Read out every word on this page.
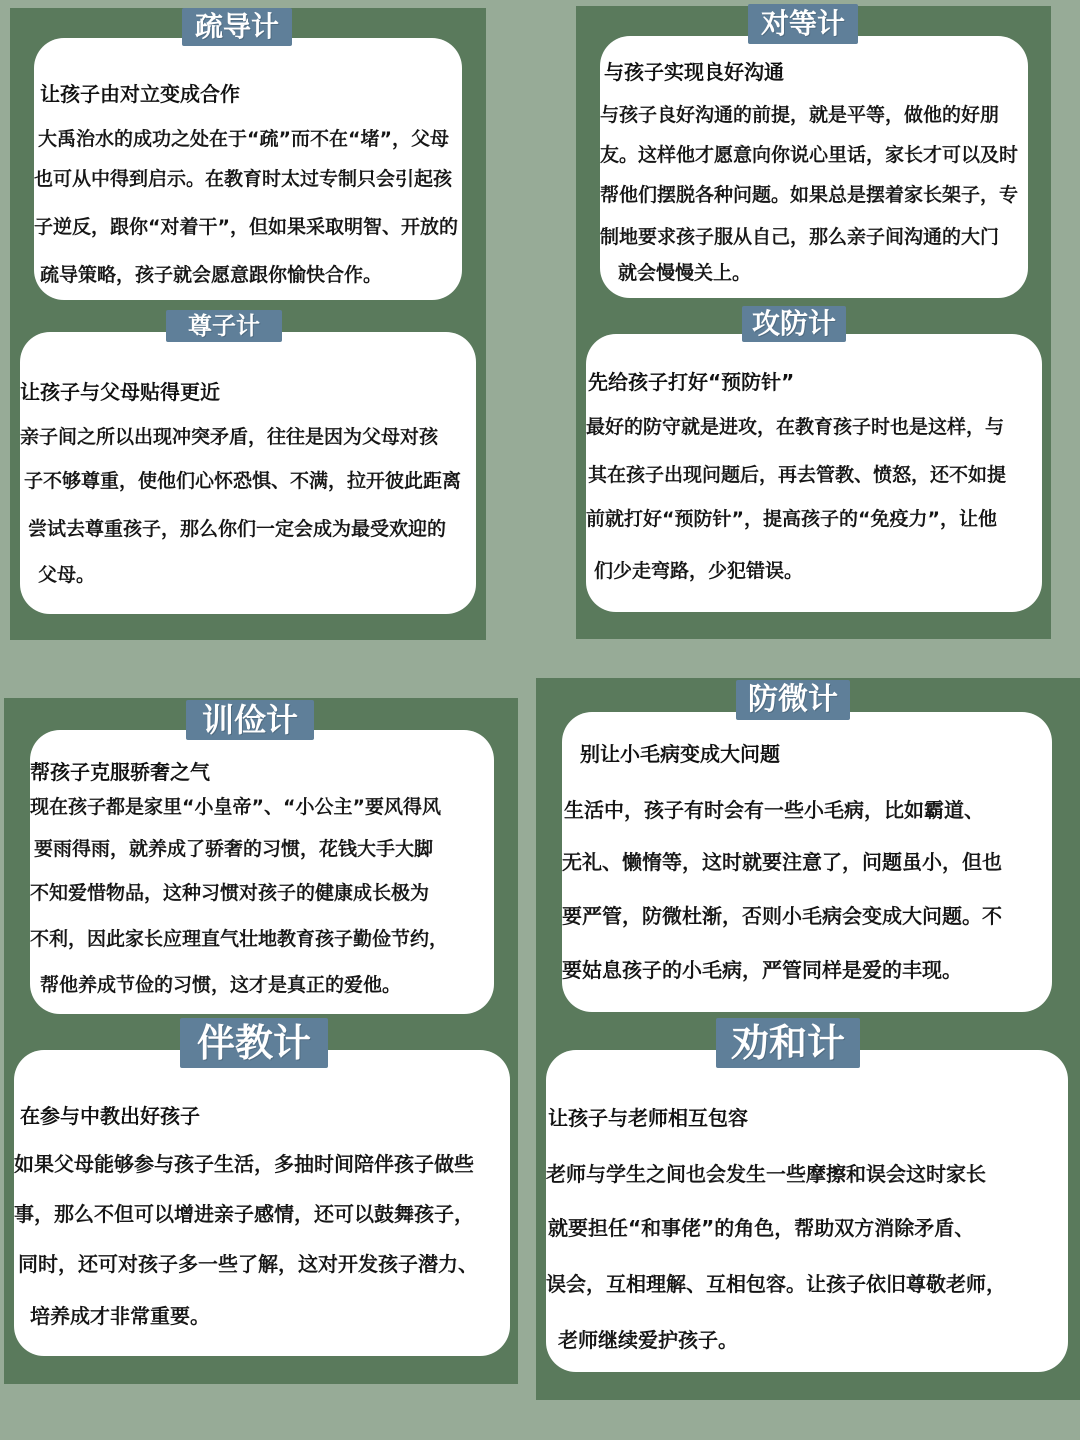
让孩子由对立变成合作
大禹治水的成功之处在于“疏”而不在“堵”，父母
也可从中得到启示。在教育时太过专制只会引起孩
子逆反，跟你“对着干”，但如果采取明智、开放的
疏导策略，孩子就会愿意跟你愉快合作。
疏导计
与孩子实现良好沟通
与孩子良好沟通的前提，就是平等，做他的好朋
友。这样他才愿意向你说心里话，家长才可以及时
帮他们摆脱各种问题。如果总是摆着家长架子，专
制地要求孩子服从自己，那么亲子间沟通的大门
就会慢慢关上。
对等计
让孩子与父母贴得更近
亲子间之所以出现冲突矛盾，往往是因为父母对孩
子不够尊重，使他们心怀恐惧、不满，拉开彼此距离
尝试去尊重孩子，那么你们一定会成为最受欢迎的
父母。
尊子计
先给孩子打好“预防针”
最好的防守就是进攻，在教育孩子时也是这样，与
其在孩子出现问题后，再去管教、愤怒，还不如提
前就打好“预防针”，提高孩子的“免疫力”，让他
们少走弯路，少犯错误。
攻防计
帮孩子克服骄奢之气
现在孩子都是家里“小皇帝”、“小公主”要风得风
要雨得雨，就养成了骄奢的习惯，花钱大手大脚
不知爱惜物品，这种习惯对孩子的健康成长极为
不利，因此家长应理直气壮地教育孩子勤俭节约，
帮他养成节俭的习惯，这才是真正的爱他。
训俭计
别让小毛病变成大问题
生活中，孩子有时会有一些小毛病，比如霸道、
无礼、懒惰等，这时就要注意了，问题虽小，但也
要严管，防微杜渐，否则小毛病会变成大问题。不
要姑息孩子的小毛病，严管同样是爱的丰现。
防微计
在参与中教出好孩子
如果父母能够参与孩子生活，多抽时间陪伴孩子做些
事，那么不但可以增进亲子感情，还可以鼓舞孩子，
同时，还可对孩子多一些了解，这对开发孩子潜力、
培养成才非常重要。
伴教计
让孩子与老师相互包容
老师与学生之间也会发生一些摩擦和误会这时家长
就要担任“和事佬”的角色，帮助双方消除矛盾、
误会，互相理解、互相包容。让孩子依旧尊敬老师，
老师继续爱护孩子。
劝和计
